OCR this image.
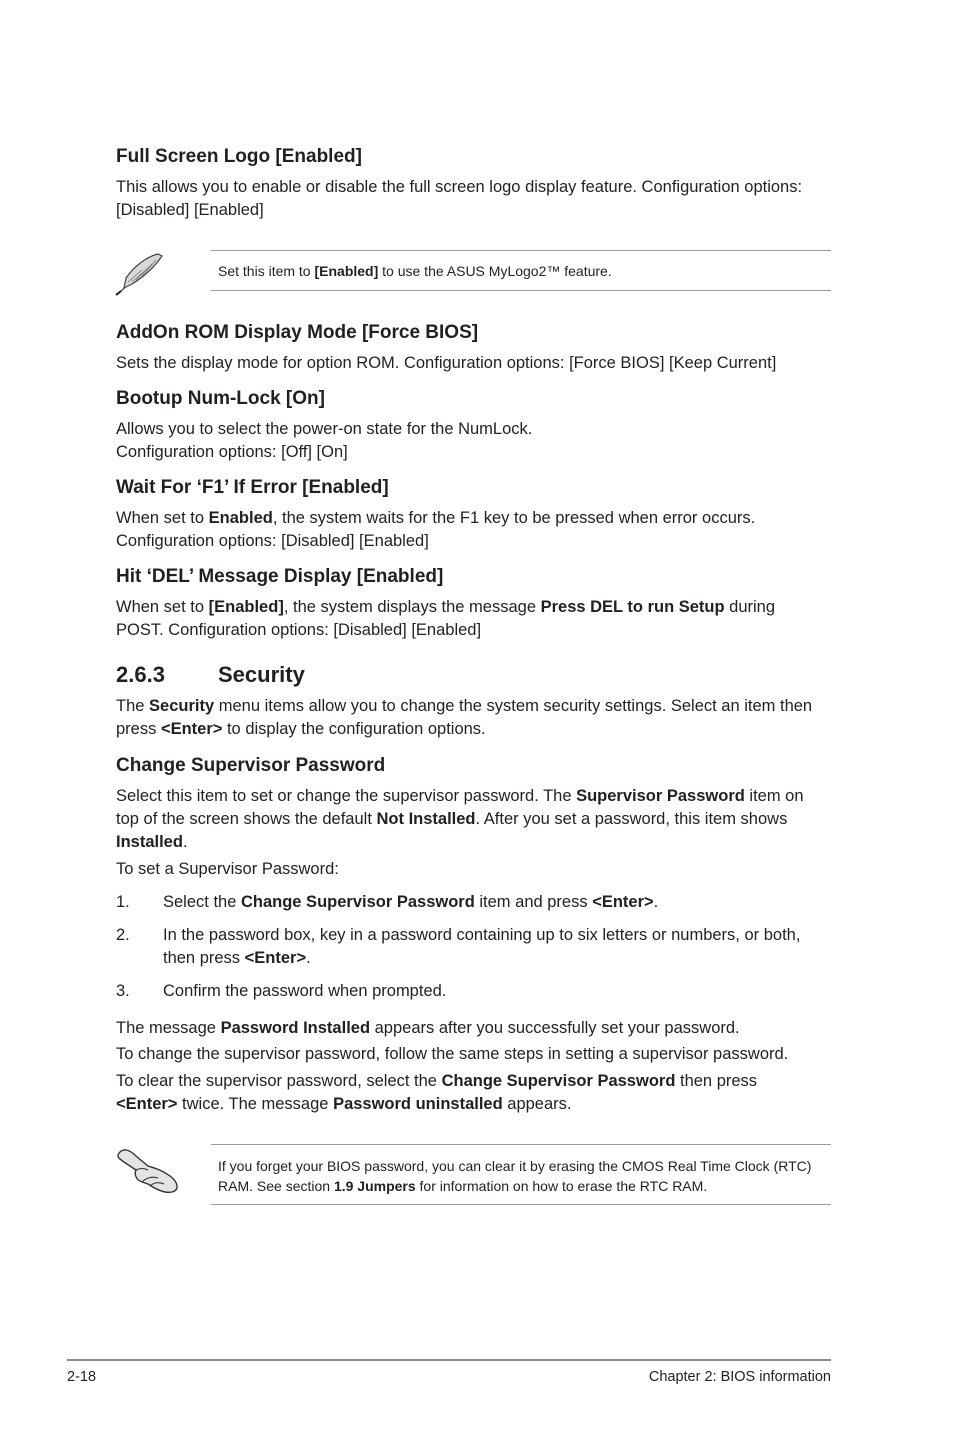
Full Screen Logo [Enabled]

This allows you to enable or disable the full screen logo display feature. Configuration options: [Disabled] [Enabled]

Set this item to [Enabled] to use the ASUS MyLogo2™ feature.
AddOn ROM Display Mode [Force BIOS]

Sets the display mode for option ROM. Configuration options: [Force BIOS] [Keep Current]

Bootup Num-Lock [On]

Allows you to select the power-on state for the NumLock.
Configuration options: [Off] [On]

Wait For ‘F1’ If Error [Enabled]

When set to Enabled, the system waits for the F1 key to be pressed when error occurs. Configuration options: [Disabled] [Enabled]

Hit ‘DEL’ Message Display [Enabled]

When set to [Enabled], the system displays the message Press DEL to run Setup during POST. Configuration options: [Disabled] [Enabled]

2.6.3 Security

The Security menu items allow you to change the system security settings. Select an item then press <Enter> to display the configuration options.

Change Supervisor Password

Select this item to set or change the supervisor password. The Supervisor Password item on top of the screen shows the default Not Installed. After you set a password, this item shows Installed.

To set a Supervisor Password:

1. Select the Change Supervisor Password item and press <Enter>.
2. In the password box, key in a password containing up to six letters or numbers, or both, then press <Enter>.
3. Confirm the password when prompted.

The message Password Installed appears after you successfully set your password.

To change the supervisor password, follow the same steps in setting a supervisor password.

To clear the supervisor password, select the Change Supervisor Password then press <Enter> twice. The message Password uninstalled appears.

If you forget your BIOS password, you can clear it by erasing the CMOS Real Time Clock (RTC) RAM. See section 1.9 Jumpers for information on how to erase the RTC RAM.
2-18	Chapter 2: BIOS information
